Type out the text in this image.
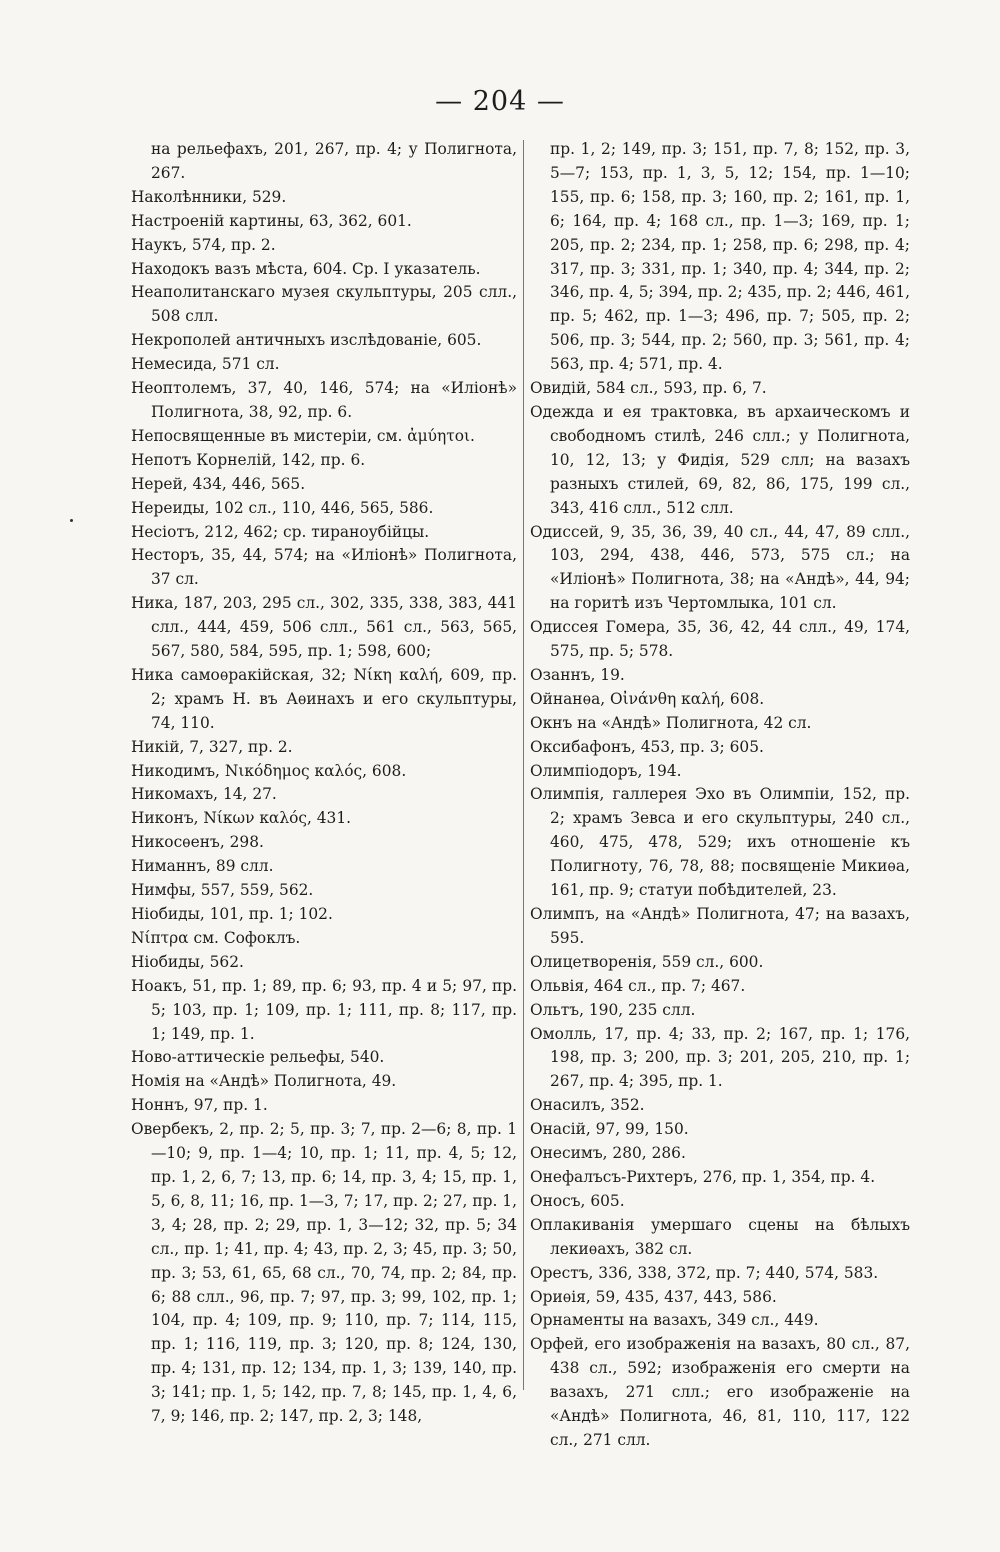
— 204 —

на рельефахъ, 201, 267, пр. 4; у Полигнота, 267.

Наколѣнники, 529.

Настроеній картины, 63, 362, 601.

Наукъ, 574, пр. 2.

Находокъ вазъ мѣста, 604. Ср. I указатель.

Неаполитанскаго музея скульптуры, 205 слл., 508 слл.

Некрополей античныхъ изслѣдованіе, 605.

Немесида, 571 сл.

Неоптолемъ, 37, 40, 146, 574; на «Иліонѣ» Полигнота, 38, 92, пр. 6.

Непосвященные въ мистеріи, см. ἀμύητοι.

Непотъ Корнелій, 142, пр. 6.

Нерей, 434, 446, 565.

Нереиды, 102 сл., 110, 446, 565, 586.

Несіотъ, 212, 462; ср. тираноубійцы.

Несторъ, 35, 44, 574; на «Иліонѣ» Полигнота, 37 сл.

Ника, 187, 203, 295 сл., 302, 335, 338, 383, 441 слл., 444, 459, 506 слл., 561 сл., 563, 565, 567, 580, 584, 595, пр. 1; 598, 600;

Ника самоѳракійская, 32; Νίκη καλή, 609, пр. 2; храмъ Н. въ Аѳинахъ и его скульптуры, 74, 110.

Никій, 7, 327, пр. 2.

Никодимъ, Νικόδημος καλός, 608.

Никомахъ, 14, 27.

Никонъ, Νίκων καλός, 431.

Никосѳенъ, 298.

Ниманнъ, 89 слл.

Нимфы, 557, 559, 562.

Ніобиды, 101, пр. 1; 102.

Νίπτρα см. Софоклъ.

Ніобиды, 562.

Ноакъ, 51, пр. 1; 89, пр. 6; 93, пр. 4 и 5; 97, пр. 5; 103, пр. 1; 109, пр. 1; 111, пр. 8; 117, пр. 1; 149, пр. 1.

Ново-аттическіе рельефы, 540.

Номія на «Андѣ» Полигнота, 49.

Ноннъ, 97, пр. 1.

Овербекъ, 2, пр. 2; 5, пр. 3; 7, пр. 2—6; 8, пр. 1—10; 9, пр. 1—4; 10, пр. 1; 11, пр. 4, 5; 12, пр. 1, 2, 6, 7; 13, пр. 6; 14, пр. 3, 4; 15, пр. 1, 5, 6, 8, 11; 16, пр. 1—3, 7; 17, пр. 2; 27, пр. 1, 3, 4; 28, пр. 2; 29, пр. 1, 3—12; 32, пр. 5; 34 сл., пр. 1; 41, пр. 4; 43, пр. 2, 3; 45, пр. 3; 50, пр. 3; 53, 61, 65, 68 сл., 70, 74, пр. 2; 84, пр. 6; 88 слл., 96, пр. 7; 97, пр. 3; 99, 102, пр. 1; 104, пр. 4; 109, пр. 9; 110, пр. 7; 114, 115, пр. 1; 116, 119, пр. 3; 120, пр. 8; 124, 130, пр. 4; 131, пр. 12; 134, пр. 1, 3; 139, 140, пр. 3; 141; пр. 1, 5; 142, пр. 7, 8; 145, пр. 1, 4, 6, 7, 9; 146, пр. 2; 147, пр. 2, 3; 148,

пр. 1, 2; 149, пр. 3; 151, пр. 7, 8; 152, пр. 3, 5—7; 153, пр. 1, 3, 5, 12; 154, пр. 1—10; 155, пр. 6; 158, пр. 3; 160, пр. 2; 161, пр. 1, 6; 164, пр. 4; 168 сл., пр. 1—3; 169, пр. 1; 205, пр. 2; 234, пр. 1; 258, пр. 6; 298, пр. 4; 317, пр. 3; 331, пр. 1; 340, пр. 4; 344, пр. 2; 346, пр. 4, 5; 394, пр. 2; 435, пр. 2; 446, 461, пр. 5; 462, пр. 1—3; 496, пр. 7; 505, пр. 2; 506, пр. 3; 544, пр. 2; 560, пр. 3; 561, пр. 4; 563, пр. 4; 571, пр. 4.

Овидій, 584 сл., 593, пр. 6, 7.

Одежда и ея трактовка, въ архаическомъ и свободномъ стилѣ, 246 слл.; у Полигнота, 10, 12, 13; у Фидія, 529 слл; на вазахъ разныхъ стилей, 69, 82, 86, 175, 199 сл., 343, 416 слл., 512 слл.

Одиссей, 9, 35, 36, 39, 40 сл., 44, 47, 89 слл., 103, 294, 438, 446, 573, 575 сл.; на «Иліонѣ» Полигнота, 38; на «Андѣ», 44, 94; на горитѣ изъ Чертомлыка, 101 сл.

Одиссея Гомера, 35, 36, 42, 44 слл., 49, 174, 575, пр. 5; 578.

Озаннъ, 19.

Ойнанѳа, Οἰνάνθη καλή, 608.

Окнъ на «Андѣ» Полигнота, 42 сл.

Оксибафонъ, 453, пр. 3; 605.

Олимпіодоръ, 194.

Олимпія, галлерея Эхо въ Олимпіи, 152, пр. 2; храмъ Зевса и его скульптуры, 240 сл., 460, 475, 478, 529; ихъ отношеніе къ Полигноту, 76, 78, 88; посвященіе Микиѳа, 161, пр. 9; статуи побѣдителей, 23.

Олимпъ, на «Андѣ» Полигнота, 47; на вазахъ, 595.

Олицетворенія, 559 сл., 600.

Ольвія, 464 сл., пр. 7; 467.

Ольтъ, 190, 235 слл.

Омолль, 17, пр. 4; 33, пр. 2; 167, пр. 1; 176, 198, пр. 3; 200, пр. 3; 201, 205, 210, пр. 1; 267, пр. 4; 395, пр. 1.

Онасилъ, 352.

Онасій, 97, 99, 150.

Онесимъ, 280, 286.

Онефалъсъ-Рихтеръ, 276, пр. 1, 354, пр. 4.

Оносъ, 605.

Оплакиванія умершаго сцены на бѣлыхъ лекиѳахъ, 382 сл.

Орестъ, 336, 338, 372, пр. 7; 440, 574, 583.

Ориѳія, 59, 435, 437, 443, 586.

Орнаменты на вазахъ, 349 сл., 449.

Орфей, его изображенія на вазахъ, 80 сл., 87, 438 сл., 592; изображенія его смерти на вазахъ, 271 слл.; его изображеніе на «Андѣ» Полигнота, 46, 81, 110, 117, 122 сл., 271 слл.
